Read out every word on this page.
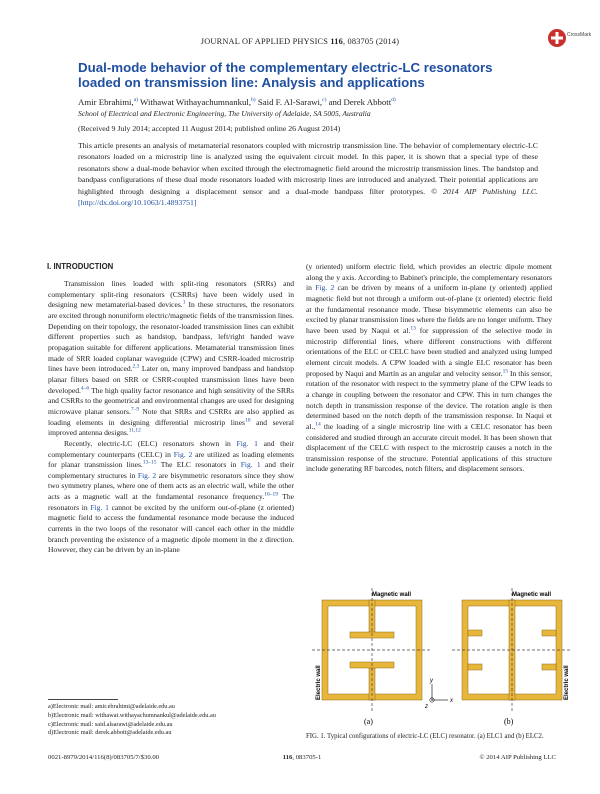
JOURNAL OF APPLIED PHYSICS 116, 083705 (2014)
CrossMark
Dual-mode behavior of the complementary electric-LC resonators loaded on transmission line: Analysis and applications
Amir Ebrahimi,$^{a)}$ Withawat Withayachumnankul,$^{b)}$ Said F. Al-Sarawi,$^{c)}$ and Derek Abbott$^{d)}$
School of Electrical and Electronic Engineering, The University of Adelaide, SA 5005, Australia
(Received 9 July 2014; accepted 11 August 2014; published online 26 August 2014)
This article presents an analysis of metamaterial resonators coupled with microstrip transmission line. The behavior of complementary electric-LC resonators loaded on a microstrip line is analyzed using the equivalent circuit model. In this paper, it is shown that a special type of these resonators show a dual-mode behavior when excited through the electromagnetic field around the microstrip transmission lines. The bandstop and bandpass configurations of these dual mode resonators loaded with microstrip lines are introduced and analyzed. Their potential applications are highlighted through designing a displacement sensor and a dual-mode bandpass filter prototypes. © 2014 AIP Publishing LLC. [http://dx.doi.org/10.1063/1.4893751]
I. INTRODUCTION

Transmission lines loaded with split-ring resonators (SRRs) and complementary split-ring resonators (CSRRs) have been widely used in designing new metamaterial-based devices.$^1$ In these structures, the resonators are excited through nonuniform electric/magnetic fields of the transmission lines. Depending on their topology, the resonator-loaded transmission lines can exhibit different properties such as bandstop, bandpass, left/right handed wave propagation suitable for different applications. Metamaterial transmission lines made of SRR loaded coplanar waveguide (CPW) and CSRR-loaded microstrip lines have been introduced.$^{2,3}$ Later on, many improved bandpass and bandstop planar filters based on SRR or CSRR-coupled transmission lines have been developed.$^{4-6}$ The high quality factor resonance and high sensitivity of the SRRs and CSRRs to the geometrical and environmental changes are used for designing microwave planar sensors.$^{7-9}$ Note that SRRs and CSRRs are also applied as loading elements in designing differential microstrip lines$^{10}$ and several improved antenna designs.$^{11,12}$

Recently, electric-LC (ELC) resonators shown in Fig. 1 and their complementary counterparts (CELC) in Fig. 2 are utilized as loading elements for planar transmission lines.$^{13-15}$ The ELC resonators in Fig. 1 and their complementary structures in Fig. 2 are bisymmetric resonators since they show two symmetry planes, where one of them acts as an electric wall, while the other acts as a magnetic wall at the fundamental resonance frequency.$^{16-19}$ The resonators in Fig. 1 cannot be excited by the uniform out-of-plane (z oriented) magnetic field to access the fundamental resonance mode because the induced currents in the two loops of the resonator will cancel each other in the middle branch preventing the existence of a magnetic dipole moment in the z direction. However, they can be driven by an in-plane

(y oriented) uniform electric field, which provides an electric dipole moment along the y axis. According to Babinet's principle, the complementary resonators in Fig. 2 can be driven by means of a uniform in-plane (y oriented) applied magnetic field but not through a uniform out-of-plane (z oriented) electric field at the fundamental resonance mode. These bisymmetric elements can also be excited by planar transmission lines where the fields are no longer uniform. They have been used by Naqui et al.$^{13}$ for suppression of the selective mode in microstrip differential lines, where different constructions with different orientations of the ELC or CELC have been studied and analyzed using lumped element circuit models. A CPW loaded with a single ELC resonator has been proposed by Naqui and Martín as an angular and velocity sensor.$^{15}$ In this sensor, rotation of the resonator with respect to the symmetry plane of the CPW leads to a change in coupling between the resonator and CPW. This in turn changes the notch depth in transmission response of the device. The rotation angle is then determined based on the notch depth of the transmission response. In Naqui et al.,$^{14}$ the loading of a single microstrip line with a CELC resonator has been considered and studied through an accurate circuit model. It has been shown that displacement of the CELC with respect to the microstrip causes a notch in the transmission response of the structure. Potential applications of this structure include generating RF barcodes, notch filters, and displacement sensors.

Magnetic wall
Electric wall
Magnetic wall
Electric wall
y
x
z
(a)	(b)
FIG. 1. Typical configurations of electric-LC (ELC) resonator. (a) ELC1 and (b) ELC2.
a)Electronic mail: amir.ebrahimi@adelaide.edu.au
b)Electronic mail: withawat.withayachumnankul@adelaide.edu.au
c)Electronic mail: said.alsarawi@adelaide.edu.au
d)Electronic mail: derek.abbott@adelaide.edu.au
0021-8979/2014/116(8)/083705/7/$30.00	116, 083705-1	© 2014 AIP Publishing LLC
